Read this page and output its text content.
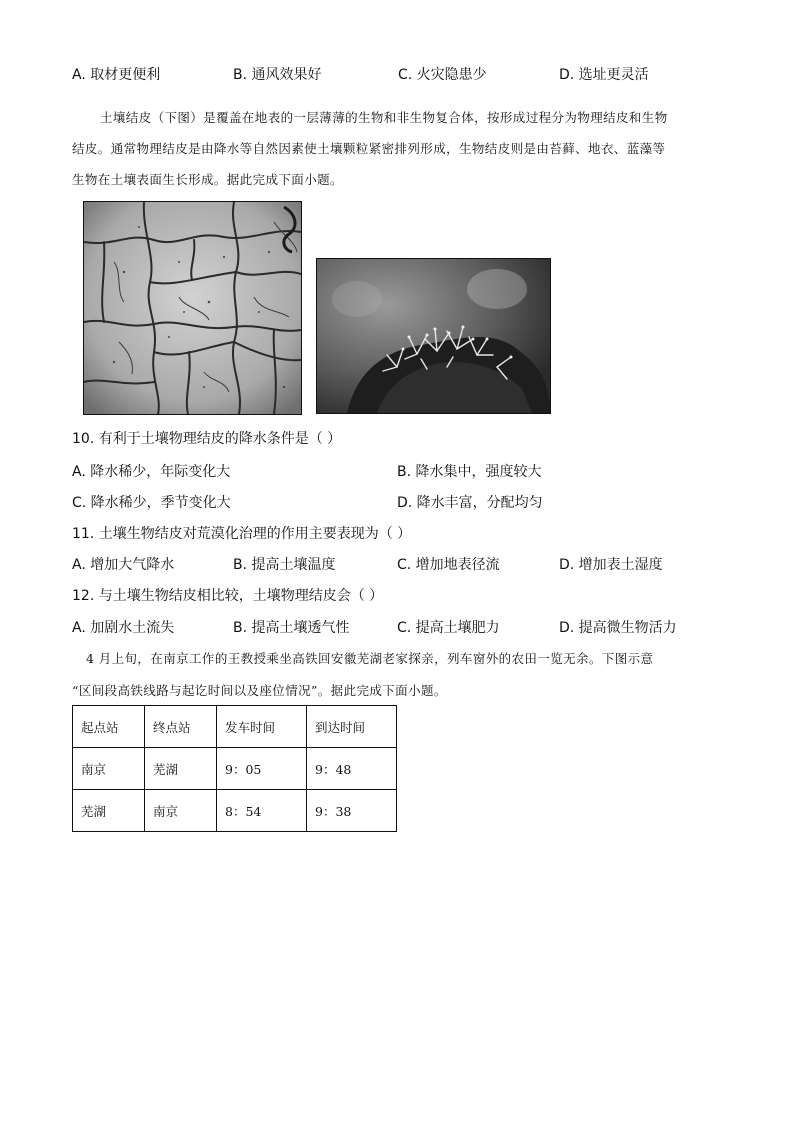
A. 取材更便利	B. 通风效果好	C. 火灾隐患少	D. 选址更灵活

土壤结皮（下图）是覆盖在地表的一层薄薄的生物和非生物复合体，按形成过程分为物理结皮和生物

结皮。通常物理结皮是由降水等自然因素使土壤颗粒紧密排列形成，生物结皮则是由苔藓、地衣、蓝藻等

生物在土壤表面生长形成。据此完成下面小题。

10. 有利于土壤物理结皮的降水条件是（ ）
A. 降水稀少，年际变化大	B. 降水集中，强度较大
C. 降水稀少，季节变化大	D. 降水丰富，分配均匀
11. 土壤生物结皮对荒漠化治理的作用主要表现为（ ）
A. 增加大气降水	B. 提高土壤温度	C. 增加地表径流	D. 增加表土湿度
12. 与土壤生物结皮相比较，土壤物理结皮会（ ）
A. 加剧水土流失	B. 提高土壤透气性	C. 提高土壤肥力	D. 提高微生物活力

4 月上旬，在南京工作的王教授乘坐高铁回安徽芜湖老家探亲，列车窗外的农田一览无余。下图示意

“区间段高铁线路与起讫时间以及座位情况”。据此完成下面小题。

起点站	终点站	发车时间	到达时间
南京	芜湖	9：05	9：48
芜湖	南京	8：54	9：38
